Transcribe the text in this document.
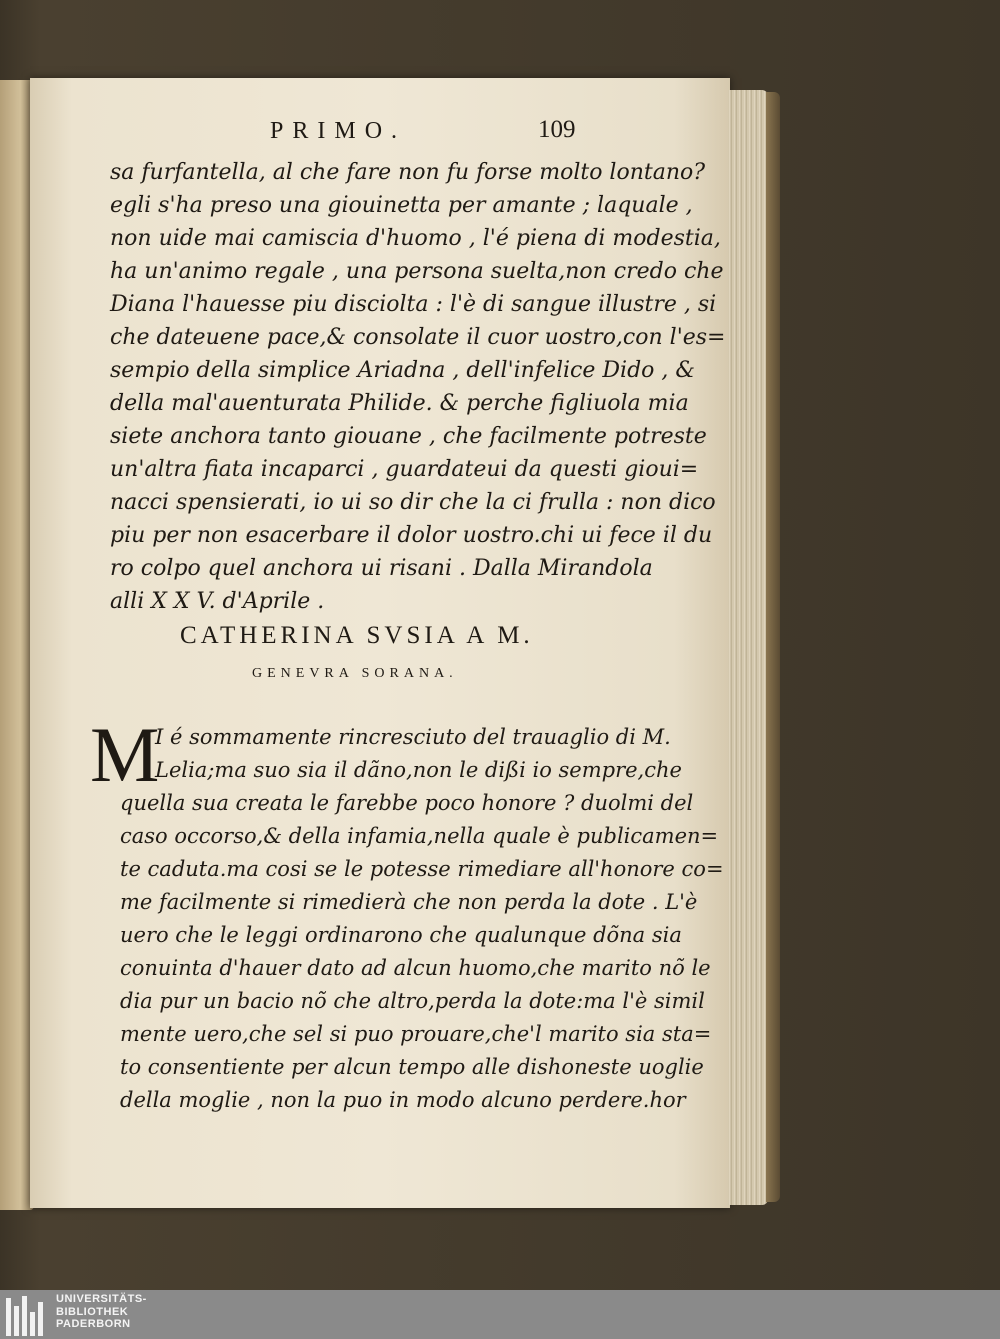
PRIMO.	109
sa furfantella, al che fare non fu forse molto lontano?
egli s'ha preso una giouinetta per amante ; laquale ,
non uide mai camiscia d'huomo , l'é piena di modestia,
ha un'animo regale , una persona suelta,non credo che
Diana l'hauesse piu disciolta : l'è di sangue illustre , si
che dateuene pace,& consolate il cuor uostro,con l'es=
sempio della simplice Ariadna , dell'infelice Dido , &
della mal'auenturata Philide. & perche figliuola mia
siete anchora tanto giouane , che facilmente potreste
un'altra fiata incaparci , guardateui da questi gioui=
nacci spensierati, io ui so dir che la ci frulla : non dico
piu per non esacerbare il dolor uostro.chi ui fece il du
ro colpo quel anchora ui risani . Dalla Mirandola
alli X X V. d'Aprile .
CATHERINA SVSIA A M.
GENEVRA SORANA.
M
I é sommamente rincresciuto del trauaglio di M.
Lelia;ma suo sia il dãno,non le dißi io sempre,che
quella sua creata le farebbe poco honore ? duolmi del
caso occorso,& della infamia,nella quale è publicamen=
te caduta.ma cosi se le potesse rimediare all'honore co=
me facilmente si rimedierà che non perda la dote . L'è
uero che le leggi ordinarono che qualunque dõna sia
conuinta d'hauer dato ad alcun huomo,che marito nõ le
dia pur un bacio nõ che altro,perda la dote:ma l'è simil
mente uero,che sel si puo prouare,che'l marito sia sta=
to consentiente per alcun tempo alle dishoneste uoglie
della moglie , non la puo in modo alcuno perdere.hor
UNIVERSITÄTS-
BIBLIOTHEK
PADERBORN
